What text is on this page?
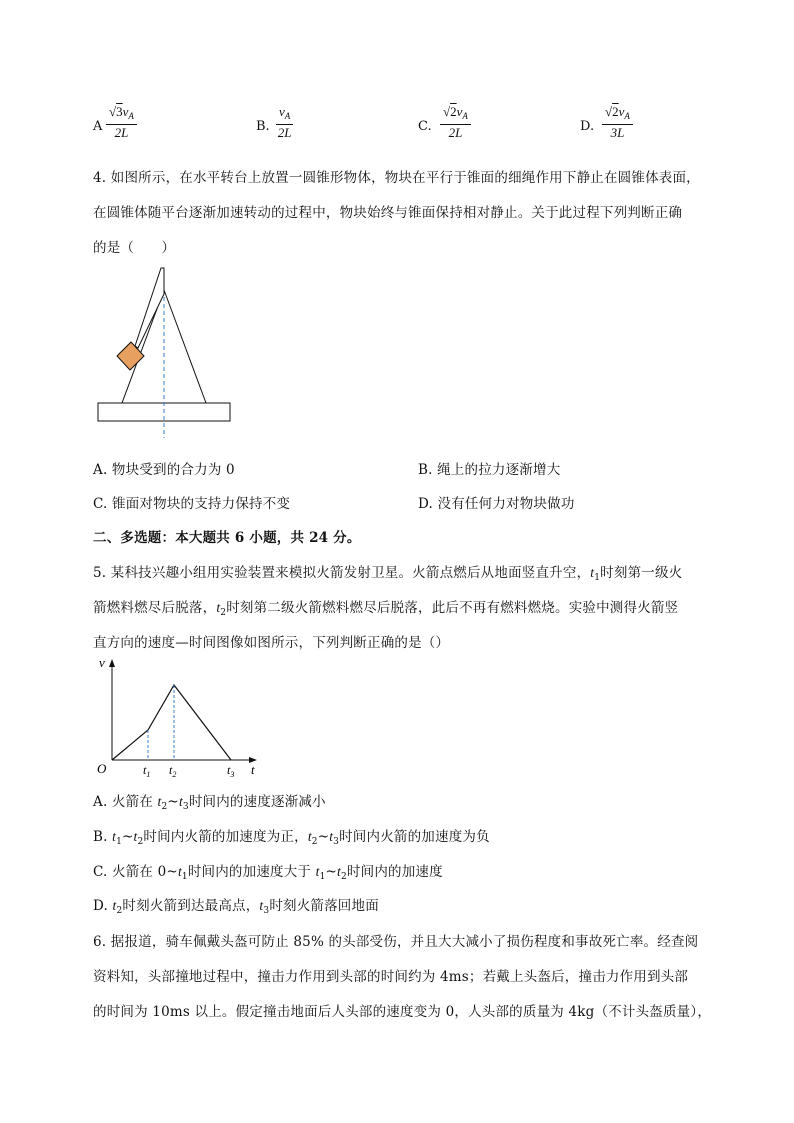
A $\frac{√3v_A}{2L}$	B. $\frac{v_A}{2L}$	C. $\frac{√2v_A}{2L}$	D. $\frac{√2v_A}{3L}$
4. 如图所示，在水平转台上放置一圆锥形物体，物块在平行于锥面的细绳作用下静止在圆锥体表面，
在圆锥体随平台逐渐加速转动的过程中，物块始终与锥面保持相对静止。关于此过程下列判断正确
的是（　　）
A. 物块受到的合力为 0	B. 绳上的拉力逐渐增大
C. 锥面对物块的支持力保持不变	D. 没有任何力对物块做功
二、多选题：本大题共 6 小题，共 24 分。
5. 某科技兴趣小组用实验装置来模拟火箭发射卫星。火箭点燃后从地面竖直升空，$t_1$时刻第一级火
箭燃料燃尽后脱落，$t_2$时刻第二级火箭燃料燃尽后脱落，此后不再有燃料燃烧。实验中测得火箭竖
直方向的速度—时间图像如图所示，下列判断正确的是（）
v
O	t
$t_1$ $t_2$	$t_3$
A. 火箭在 $t_2\sim t_3$时间内的速度逐渐减小
B. $t_1\sim t_2$时间内火箭的加速度为正，$t_2\sim t_3$时间内火箭的加速度为负
C. 火箭在 $0\sim t_1$时间内的加速度大于 $t_1\sim t_2$时间内的加速度
D. $t_2$时刻火箭到达最高点，$t_3$时刻火箭落回地面
6. 据报道，骑车佩戴头盔可防止 85% 的头部受伤，并且大大减小了损伤程度和事故死亡率。经查阅
资料知，头部撞地过程中，撞击力作用到头部的时间约为 4ms；若戴上头盔后，撞击力作用到头部
的时间为 10ms 以上。假定撞击地面后人头部的速度变为 0，人头部的质量为 4kg（不计头盔质量），
